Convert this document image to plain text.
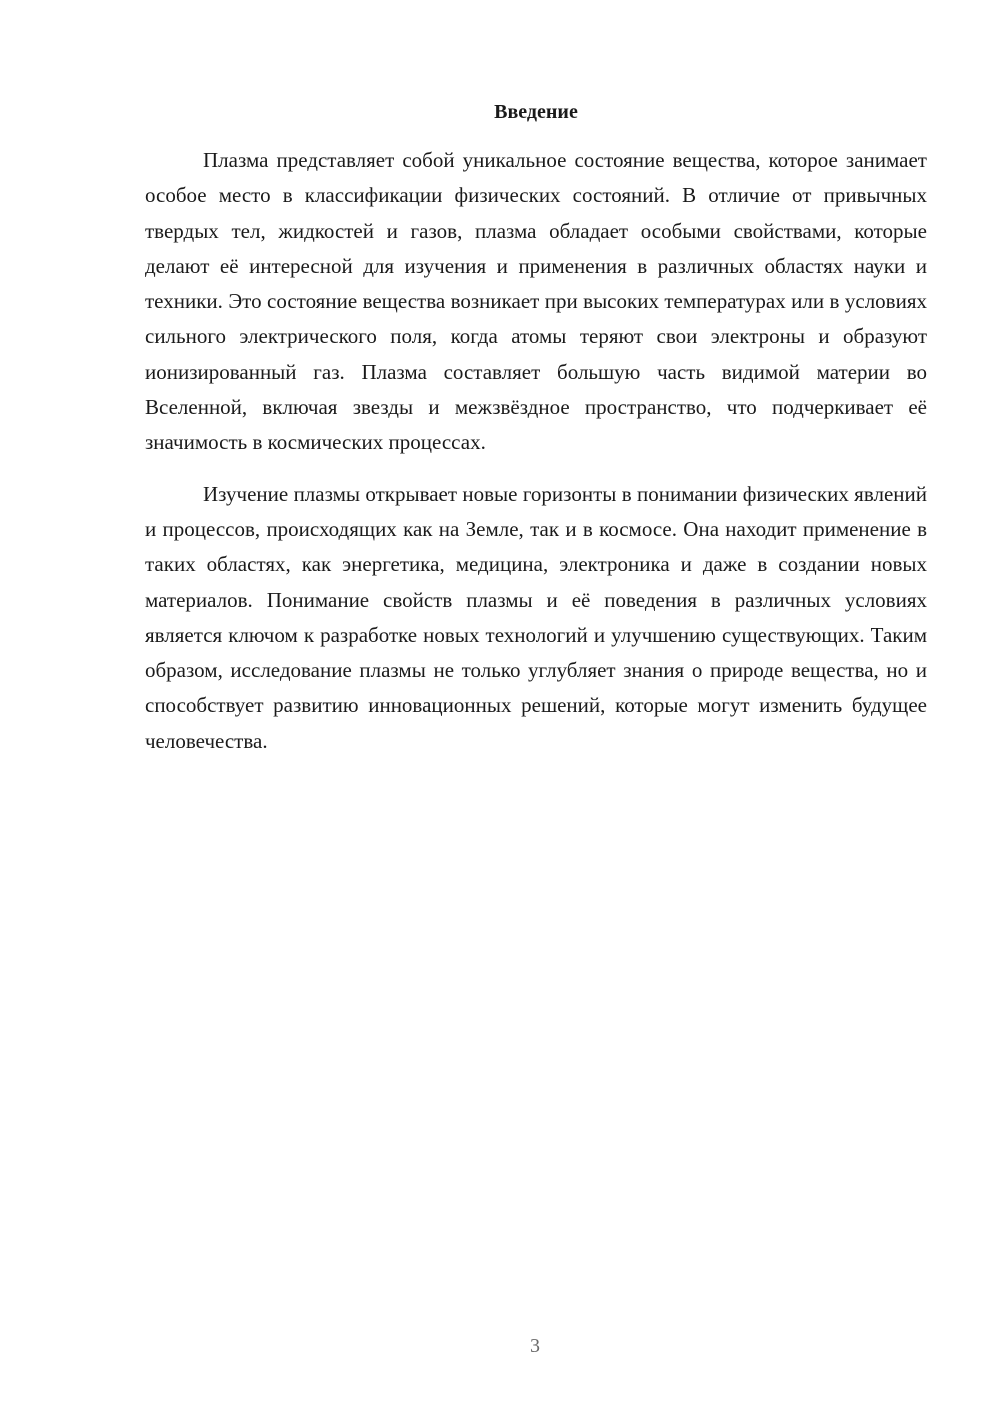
Введение

Плазма представляет собой уникальное состояние вещества, которое занимает особое место в классификации физических состояний. В отличие от привычных твердых тел, жидкостей и газов, плазма обладает особыми свойствами, которые делают её интересной для изучения и применения в различных областях науки и техники. Это состояние вещества возникает при высоких температурах или в условиях сильного электрического поля, когда атомы теряют свои электроны и образуют ионизированный газ. Плазма составляет большую часть видимой материи во Вселенной, включая звезды и межзвёздное пространство, что подчеркивает её значимость в космических процессах.

Изучение плазмы открывает новые горизонты в понимании физических явлений и процессов, происходящих как на Земле, так и в космосе. Она находит применение в таких областях, как энергетика, медицина, электроника и даже в создании новых материалов. Понимание свойств плазмы и её поведения в различных условиях является ключом к разработке новых технологий и улучшению существующих. Таким образом, исследование плазмы не только углубляет знания о природе вещества, но и способствует развитию инновационных решений, которые могут изменить будущее человечества.

3
